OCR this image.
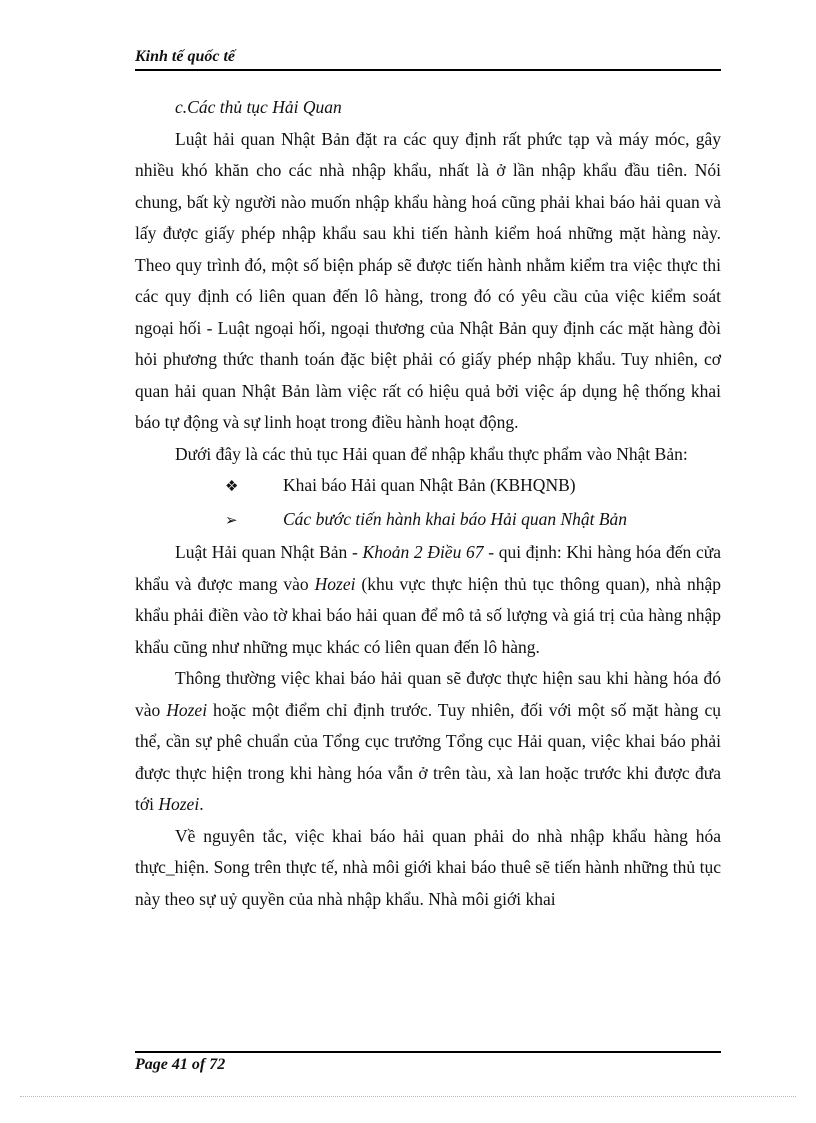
Kinh tế quốc tế

c.Các thủ tục Hải Quan

Luật hải quan Nhật Bản đặt ra các quy định rất phức tạp và máy móc, gây nhiều khó khăn cho các nhà nhập khẩu, nhất là ở lần nhập khẩu đầu tiên. Nói chung, bất kỳ người nào muốn nhập khẩu hàng hoá cũng phải khai báo hải quan và lấy được giấy phép nhập khẩu sau khi tiến hành kiểm hoá những mặt hàng này. Theo quy trình đó, một số biện pháp sẽ được tiến hành nhằm kiểm tra việc thực thi các quy định có liên quan đến lô hàng, trong đó có yêu cầu của việc kiểm soát ngoại hối - Luật ngoại hối, ngoại thương của Nhật Bản quy định các mặt hàng đòi hỏi phương thức thanh toán đặc biệt phải có giấy phép nhập khẩu. Tuy nhiên, cơ quan hải quan Nhật Bản làm việc rất có hiệu quả bởi việc áp dụng hệ thống khai báo tự động và sự linh hoạt trong điều hành hoạt động.

Dưới đây là các thủ tục Hải quan để nhập khẩu thực phẩm vào Nhật Bản:

❖	Khai báo Hải quan Nhật Bản (KBHQNB)
➢	Các bước tiến hành khai báo Hải quan Nhật Bản

Luật Hải quan Nhật Bản - Khoản 2 Điều 67 - qui định: Khi hàng hóa đến cửa khẩu và được mang vào Hozei (khu vực thực hiện thủ tục thông quan), nhà nhập khẩu phải điền vào tờ khai báo hải quan để mô tả số lượng và giá trị của hàng nhập khẩu cũng như những mục khác có liên quan đến lô hàng.

Thông thường việc khai báo hải quan sẽ được thực hiện sau khi hàng hóa đó vào Hozei hoặc một điểm chỉ định trước. Tuy nhiên, đối với một số mặt hàng cụ thể, cần sự phê chuẩn của Tổng cục trưởng Tổng cục Hải quan, việc khai báo phải được thực hiện trong khi hàng hóa vẫn ở trên tàu, xà lan hoặc trước khi được đưa tới Hozei.

Về nguyên tắc, việc khai báo hải quan phải do nhà nhập khẩu hàng hóa thực_hiện. Song trên thực tế, nhà môi giới khai báo thuê sẽ tiến hành những thủ tục này theo sự uỷ quyền của nhà nhập khẩu. Nhà môi giới khai

Page 41 of 72
